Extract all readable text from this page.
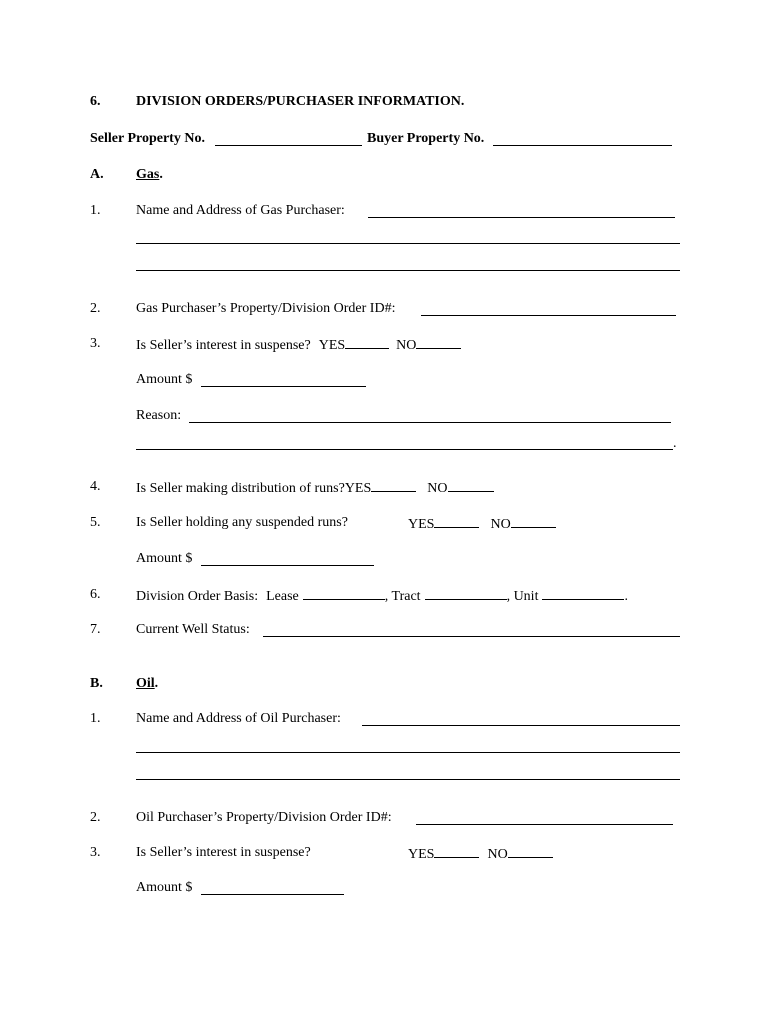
6.	DIVISION ORDERS/PURCHASER INFORMATION.
Seller Property No.	Buyer Property No.
A. Gas.
1.	Name and Address of Gas Purchaser:
2.	Gas Purchaser’s Property/Division Order ID#:
3.	Is Seller’s interest in suspense? YES	NO
Amount $
Reason:
.
4.	Is Seller making distribution of runs?YES	NO
5.	Is Seller holding any suspended runs?	YES	NO
Amount $
6.	Division Order Basis: Lease	, Tract	, Unit	.
7.	Current Well Status:
B. Oil.
1.	Name and Address of Oil Purchaser:
2.	Oil Purchaser’s Property/Division Order ID#:
3.	Is Seller’s interest in suspense?	YES	NO
Amount $
